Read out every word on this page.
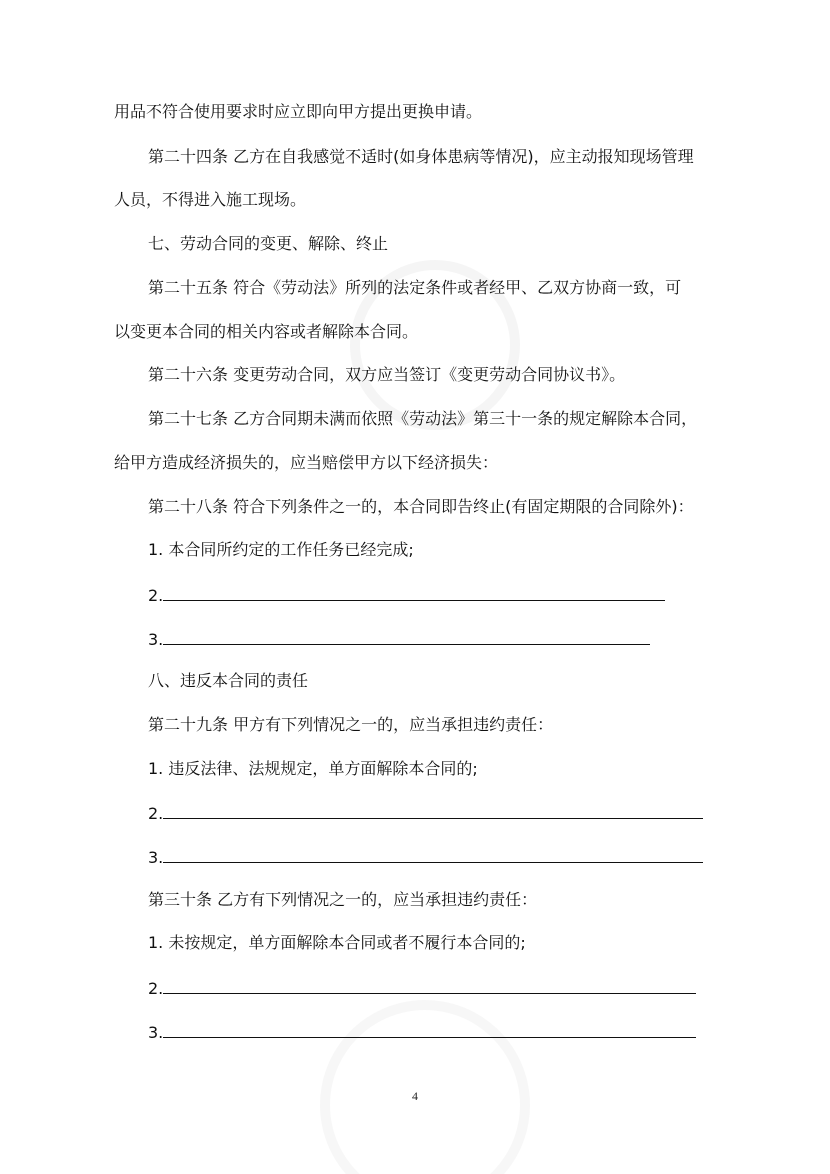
用品不符合使用要求时应立即向甲方提出更换申请。
第二十四条 乙方在自我感觉不适时(如身体患病等情况)，应主动报知现场管理
人员，不得进入施工现场。
七、劳动合同的变更、解除、终止
第二十五条 符合《劳动法》所列的法定条件或者经甲、乙双方协商一致，可
以变更本合同的相关内容或者解除本合同。
第二十六条 变更劳动合同，双方应当签订《变更劳动合同协议书》。
第二十七条 乙方合同期未满而依照《劳动法》第三十一条的规定解除本合同，
给甲方造成经济损失的，应当赔偿甲方以下经济损失：
第二十八条 符合下列条件之一的，本合同即告终止(有固定期限的合同除外)：
1. 本合同所约定的工作任务已经完成;
2.
3.
八、违反本合同的责任
第二十九条 甲方有下列情况之一的，应当承担违约责任：
1. 违反法律、法规规定，单方面解除本合同的;
2.
3.
第三十条 乙方有下列情况之一的，应当承担违约责任：
1. 未按规定，单方面解除本合同或者不履行本合同的;
2.
3.
4
